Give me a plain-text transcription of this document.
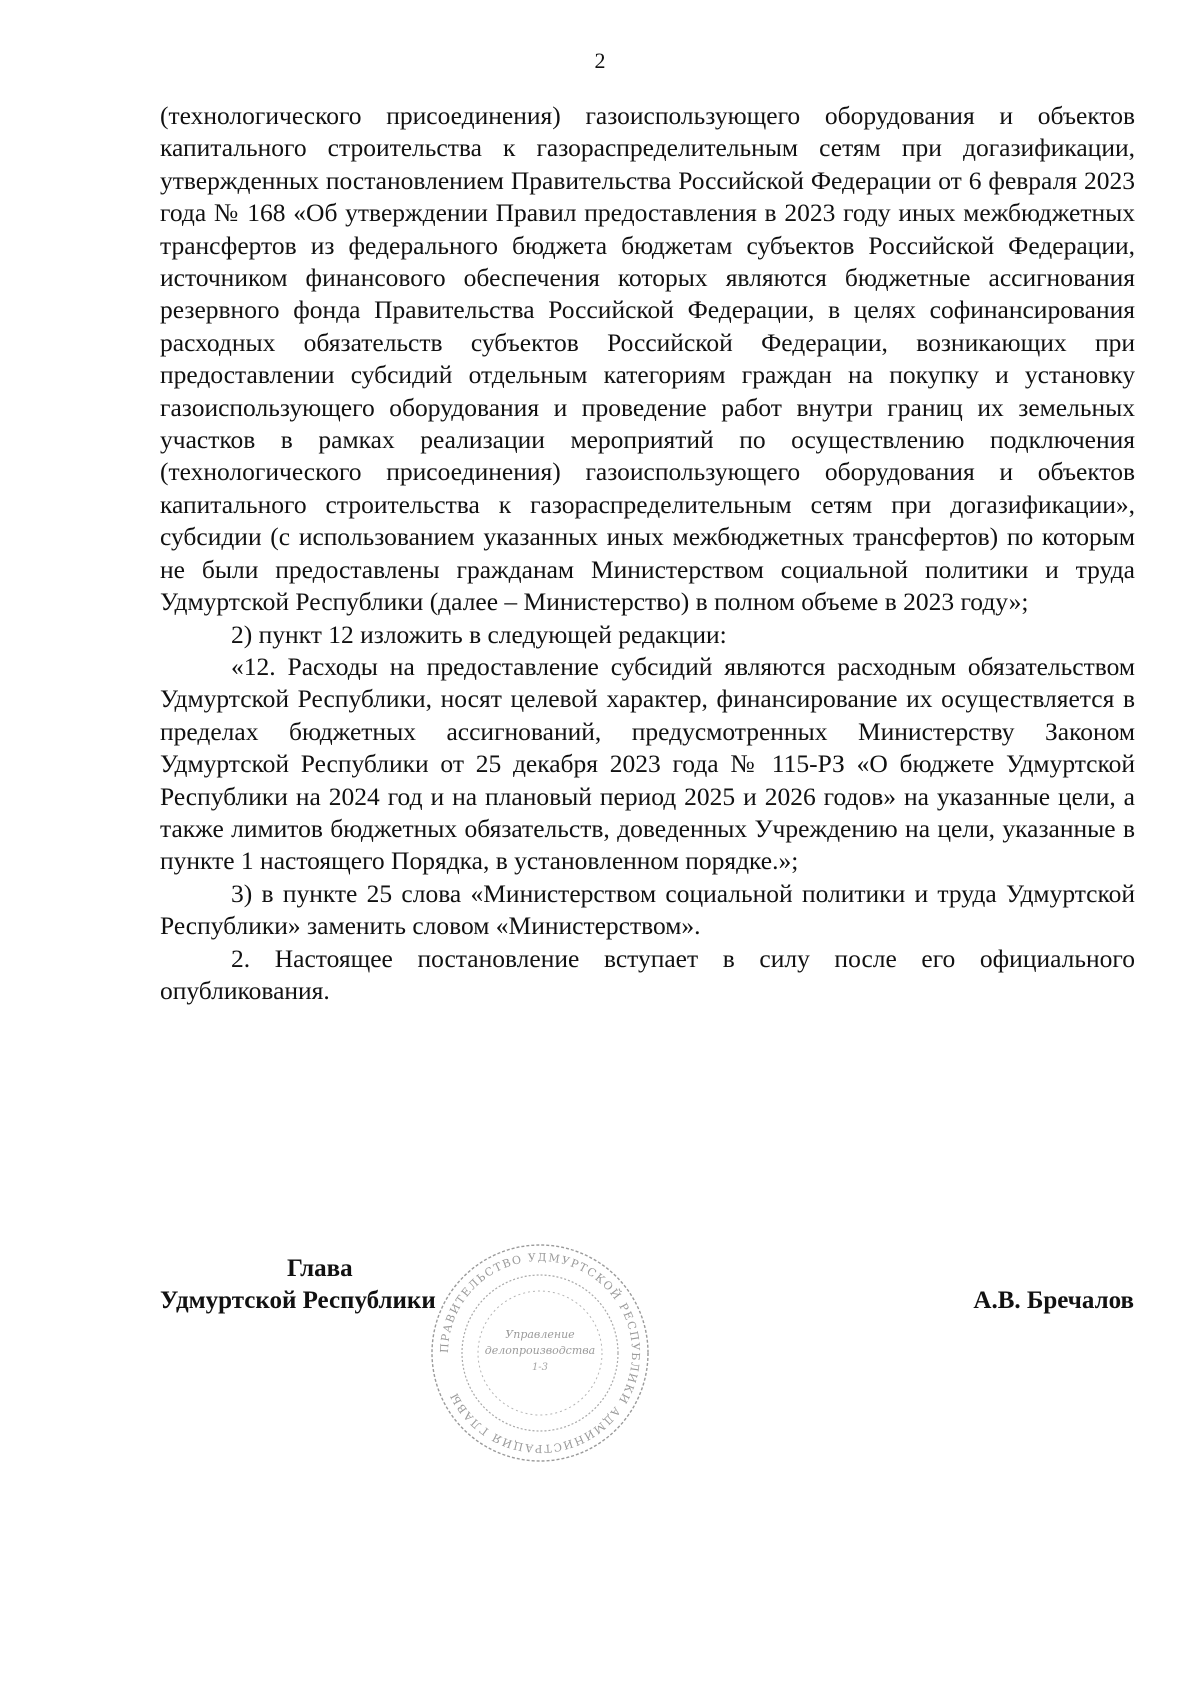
2

(технологического присоединения) газоиспользующего оборудования и объектов капитального строительства к газораспределительным сетям при догазификации, утвержденных постановлением Правительства Российской Федерации от 6 февраля 2023 года № 168 «Об утверждении Правил предоставления в 2023 году иных межбюджетных трансфертов из федерального бюджета бюджетам субъектов Российской Федерации, источником финансового обеспечения которых являются бюджетные ассигнования резервного фонда Правительства Российской Федерации, в целях софинансирования расходных обязательств субъектов Российской Федерации, возникающих при предоставлении субсидий отдельным категориям граждан на покупку и установку газоиспользующего оборудования и проведение работ внутри границ их земельных участков в рамках реализации мероприятий по осуществлению подключения (технологического присоединения) газоиспользующего оборудования и объектов капитального строительства к газораспределительным сетям при догазификации», субсидии (с использованием указанных иных межбюджетных трансфертов) по которым не были предоставлены гражданам Министерством социальной политики и труда Удмуртской Республики (далее – Министерство) в полном объеме в 2023 году»;

2) пункт 12 изложить в следующей редакции:

«12. Расходы на предоставление субсидий являются расходным обязательством Удмуртской Республики, носят целевой характер, финансирование их осуществляется в пределах бюджетных ассигнований, предусмотренных Министерству Законом Удмуртской Республики от 25 декабря 2023 года № 115-РЗ «О бюджете Удмуртской Республики на 2024 год и на плановый период 2025 и 2026 годов» на указанные цели, а также лимитов бюджетных обязательств, доведенных Учреждению на цели, указанные в пункте 1 настоящего Порядка, в установленном порядке.»;

3) в пункте 25 слова «Министерством социальной политики и труда Удмуртской Республики» заменить словом «Министерством».

2. Настоящее постановление вступает в силу после его официального опубликования.

Глава
Удмуртской Республики	А.В. Бречалов
ПРАВИТЕЛЬСТВО УДМУРТСКОЙ РЕСПУБЛИКИ АДМИНИСТРАЦИЯ ГЛАВЫ
Управление
делопроизводства
1-3
